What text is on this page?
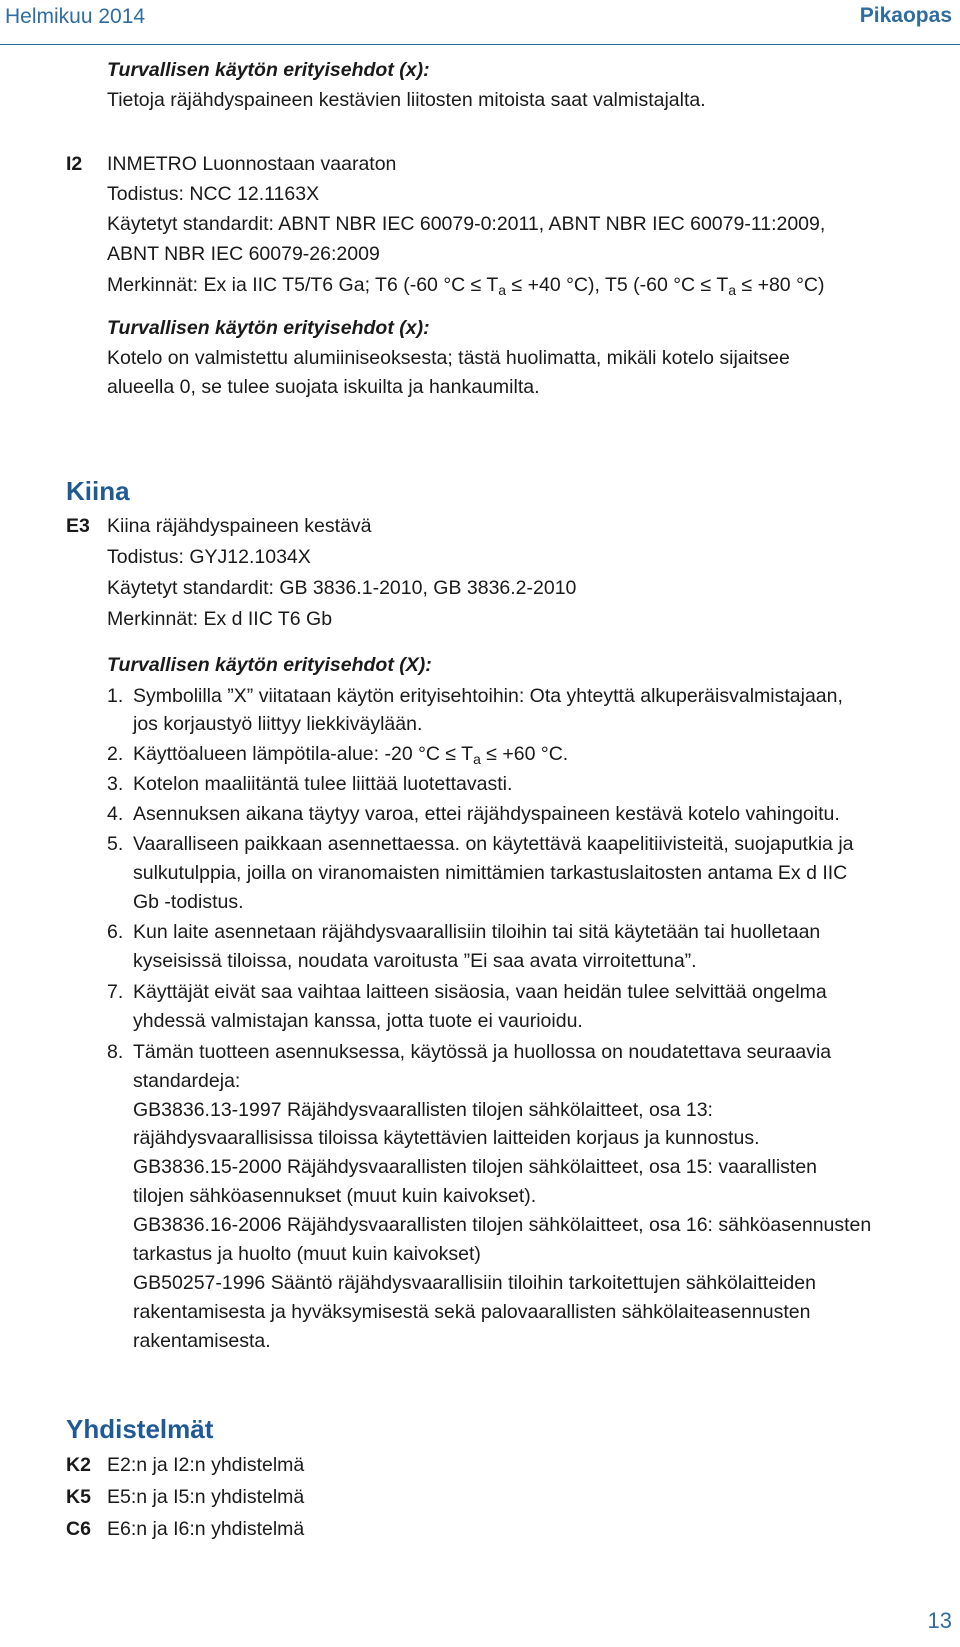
Helmikuu 2014	Pikaopas
Turvallisen käytön erityisehdot (x):
Tietoja räjähdyspaineen kestävien liitosten mitoista saat valmistajalta.
I2 INMETRO Luonnostaan vaaraton
Todistus: NCC 12.1163X
Käytetyt standardit: ABNT NBR IEC 60079-0:2011, ABNT NBR IEC 60079-11:2009,
ABNT NBR IEC 60079-26:2009
Merkinnät: Ex ia IIC T5/T6 Ga; T6 (-60 $^\circ C \le T_a \le +40$ °C), T5 (-60 $^\circ C \le T_a \le +80$ °C)
Turvallisen käytön erityisehdot (x):
Kotelo on valmistettu alumiiniseoksesta; tästä huolimatta, mikäli kotelo sijaitsee
alueella 0, se tulee suojata iskuilta ja hankaumilta.
Kiina
E3 Kiina räjähdyspaineen kestävä
Todistus: GYJ12.1034X
Käytetyt standardit: GB 3836.1-2010, GB 3836.2-2010
Merkinnät: Ex d IIC T6 Gb
Turvallisen käytön erityisehdot (X):
1. Symbolilla ”X” viitataan käytön erityisehtoihin: Ota yhteyttä alkuperäisvalmistajaan,
jos korjaustyö liittyy liekkiväylään.
2. Käyttöalueen lämpötila-alue: -20 $^\circ C \le T_a \le +60$ °C.
3. Kotelon maaliitäntä tulee liittää luotettavasti.
4. Asennuksen aikana täytyy varoa, ettei räjähdyspaineen kestävä kotelo vahingoitu.
5. Vaaralliseen paikkaan asennettaessa. on käytettävä kaapelitiivisteitä, suojaputkia ja
sulkutulppia, joilla on viranomaisten nimittämien tarkastuslaitosten antama Ex d IIC
Gb -todistus.
6. Kun laite asennetaan räjähdysvaarallisiin tiloihin tai sitä käytetään tai huolletaan
kyseisissä tiloissa, noudata varoitusta ”Ei saa avata virroitettuna”.
7. Käyttäjät eivät saa vaihtaa laitteen sisäosia, vaan heidän tulee selvittää ongelma
yhdessä valmistajan kanssa, jotta tuote ei vaurioidu.
8. Tämän tuotteen asennuksessa, käytössä ja huollossa on noudatettava seuraavia
standardeja:
GB3836.13-1997 Räjähdysvaarallisten tilojen sähkölaitteet, osa 13:
räjähdysvaarallisissa tiloissa käytettävien laitteiden korjaus ja kunnostus.
GB3836.15-2000 Räjähdysvaarallisten tilojen sähkölaitteet, osa 15: vaarallisten
tilojen sähköasennukset (muut kuin kaivokset).
GB3836.16-2006 Räjähdysvaarallisten tilojen sähkölaitteet, osa 16: sähköasennusten
tarkastus ja huolto (muut kuin kaivokset)
GB50257-1996 Sääntö räjähdysvaarallisiin tiloihin tarkoitettujen sähkölaitteiden
rakentamisesta ja hyväksymisestä sekä palovaarallisten sähkölaiteasennusten
rakentamisesta.
Yhdistelmät
K2 E2:n ja I2:n yhdistelmä
K5 E5:n ja I5:n yhdistelmä
C6 E6:n ja I6:n yhdistelmä
13
